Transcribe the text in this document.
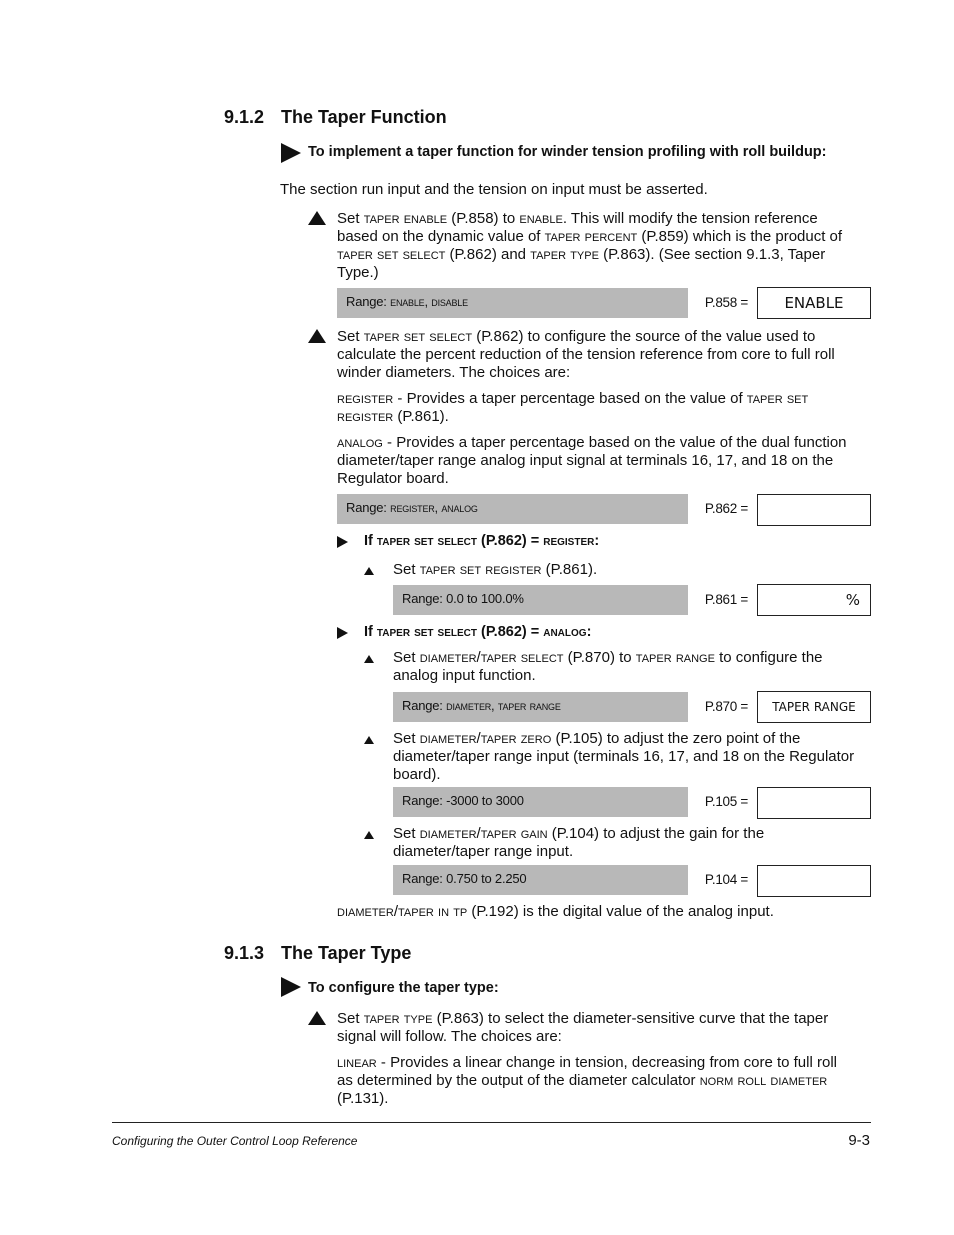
9.1.2 The Taper Function
To implement a taper function for winder tension profiling with roll buildup:
The section run input and the tension on input must be asserted.
Set taper enable (P.858) to enable. This will modify the tension reference
based on the dynamic value of taper percent (P.859) which is the product of
taper set select (P.862) and taper type (P.863). (See section 9.1.3, Taper
Type.)
Range: enable, disable	P.858 =	ENABLE
Set taper set select (P.862) to configure the source of the value used to
calculate the percent reduction of the tension reference from core to full roll
winder diameters. The choices are:
register - Provides a taper percentage based on the value of taper set
register (P.861).
analog - Provides a taper percentage based on the value of the dual function
diameter/taper range analog input signal at terminals 16, 17, and 18 on the
Regulator board.
Range: register, analog	P.862 =
If taper set select (P.862) = register:
Set taper set register (P.861).
Range: 0.0 to 100.0%	P.861 =	%
If taper set select (P.862) = analog:
Set diameter/taper select (P.870) to taper range to configure the
analog input function.
Range: diameter, taper range	P.870 =	TAPER RANGE
Set diameter/taper zero (P.105) to adjust the zero point of the
diameter/taper range input (terminals 16, 17, and 18 on the Regulator
board).
Range: -3000 to 3000	P.105 =
Set diameter/taper gain (P.104) to adjust the gain for the
diameter/taper range input.
Range: 0.750 to 2.250	P.104 =
diameter/taper in tp (P.192) is the digital value of the analog input.
9.1.3 The Taper Type
To configure the taper type:
Set taper type (P.863) to select the diameter-sensitive curve that the taper
signal will follow. The choices are:
linear - Provides a linear change in tension, decreasing from core to full roll
as determined by the output of the diameter calculator norm roll diameter
(P.131).
Configuring the Outer Control Loop Reference	9-3
